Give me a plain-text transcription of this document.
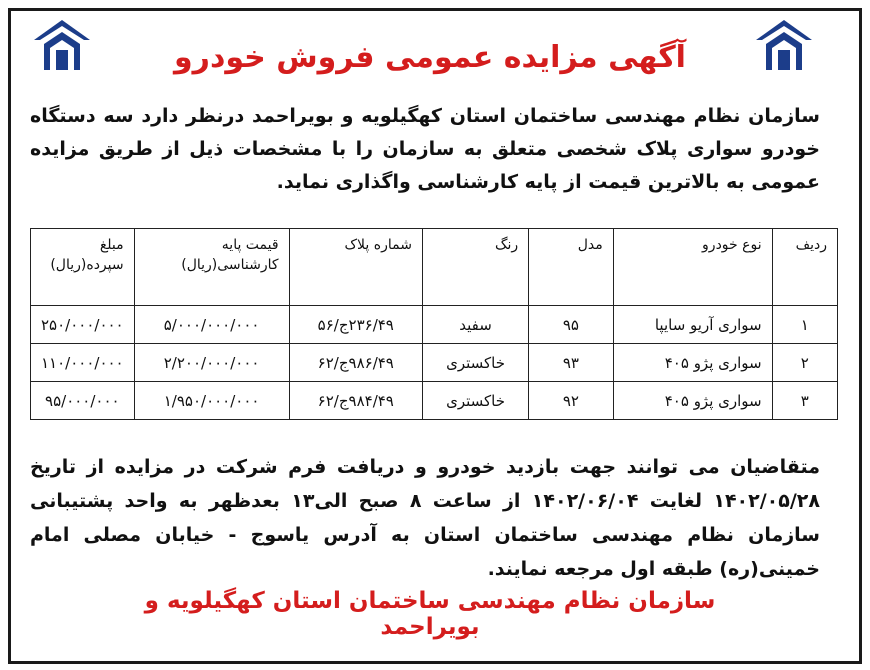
آگهی مزایده عمومی فروش خودرو
سازمان نظام مهندسی ساختمان استان کهگیلویه و بویراحمد درنظر دارد سه دستگاه خودرو سواری پلاک شخصی متعلق به سازمان را با مشخصات ذیل از طریق مزایده عمومی به بالاترین قیمت از پایه کارشناسی واگذاری نماید.
ردیف	نوع خودرو	مدل	رنگ	شماره پلاک	قیمت پایه کارشناسی(ریال)	مبلغ سپرده(ریال)
۱	سواری آریو سایپا	۹۵	سفید	۲۳۶/۴۹ج/۵۶	۵/۰۰۰/۰۰۰/۰۰۰	۲۵۰/۰۰۰/۰۰۰
۲	سواری پژو ۴۰۵	۹۳	خاکستری	۹۸۶/۴۹ج/۶۲	۲/۲۰۰/۰۰۰/۰۰۰	۱۱۰/۰۰۰/۰۰۰
۳	سواری پژو ۴۰۵	۹۲	خاکستری	۹۸۴/۴۹ج/۶۲	۱/۹۵۰/۰۰۰/۰۰۰	۹۵/۰۰۰/۰۰۰
متقاضیان می توانند جهت بازدید خودرو و دریافت فرم شرکت در مزایده از تاریخ ۱۴۰۲/۰۵/۲۸ لغایت ۱۴۰۲/۰۶/۰۴ از ساعت ۸ صبح الی۱۳ بعدظهر به واحد پشتیبانی سازمان نظام مهندسی ساختمان استان به آدرس یاسوج - خیابان مصلی امام خمینی(ره) طبقه اول مرجعه نمایند.
سازمان نظام مهندسی ساختمان استان کهگیلویه و بویراحمد
